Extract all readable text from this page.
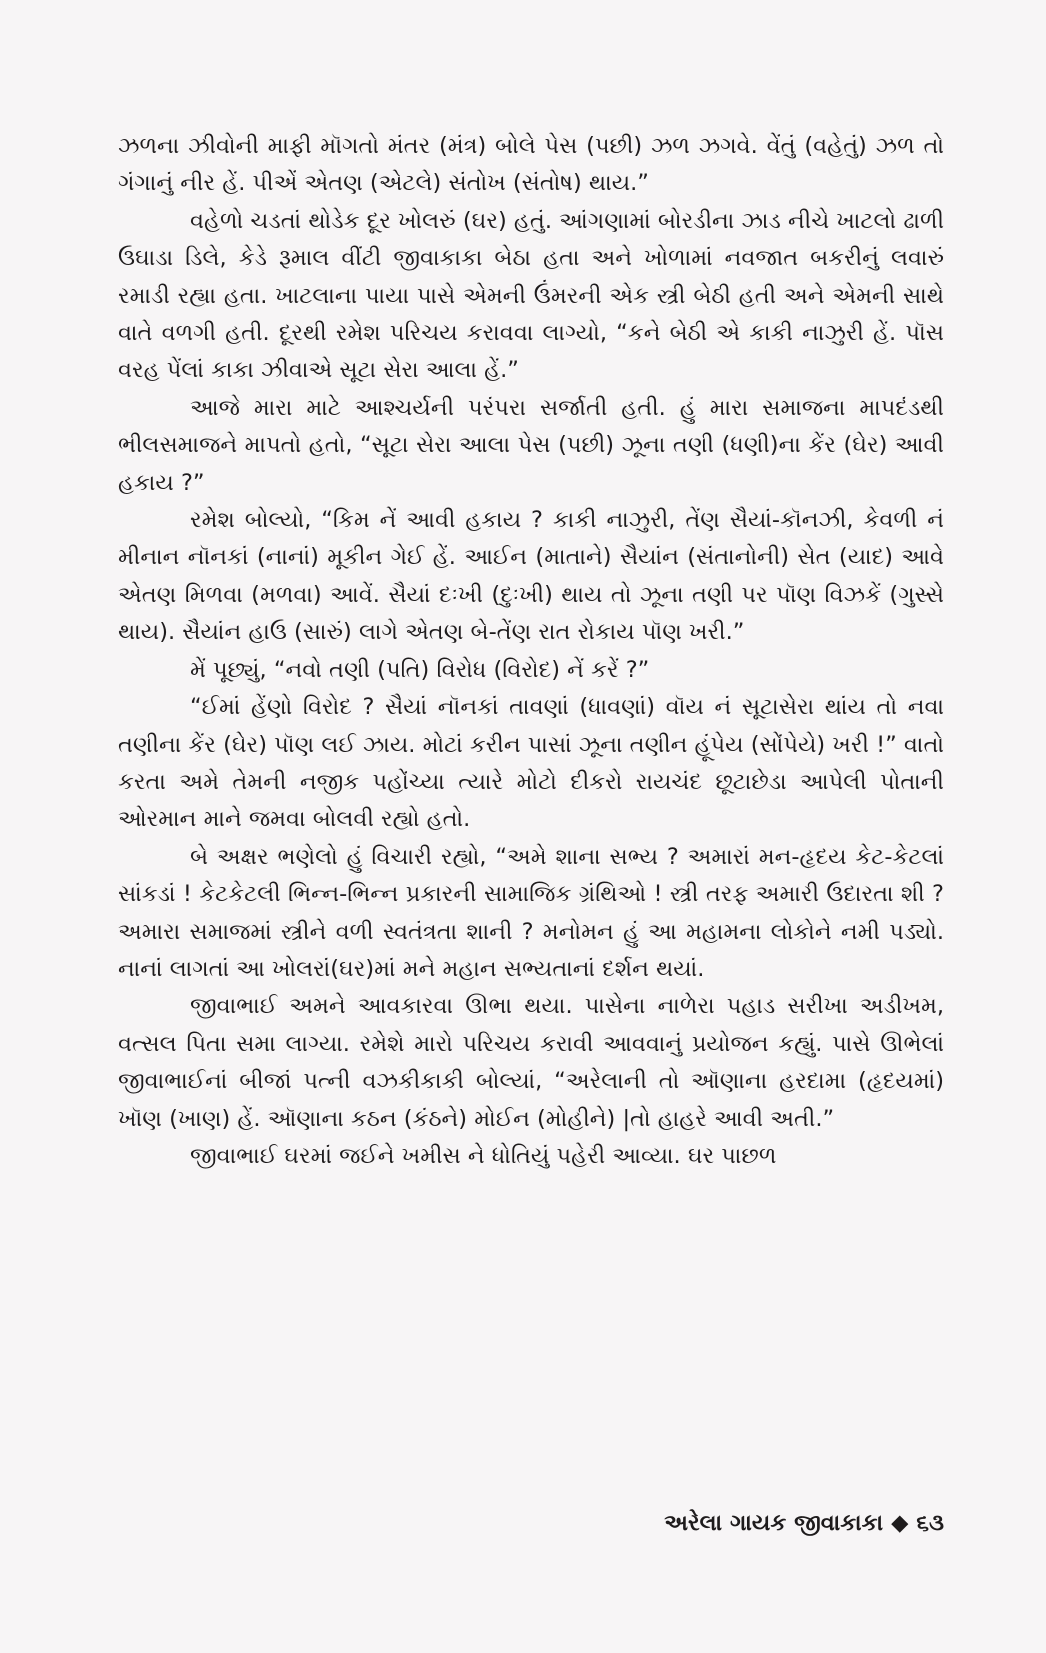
ઝળના ઝીવોની માફી મૉગતો મંતર (મંત્ર) બોલે પેસ (પછી) ઝળ ઝગવે. વેંતું (વહેતું) ઝળ તો ગંગાનું નીર હેં. પીએં એતણ (એટલે) સંતોખ (સંતોષ) થાય.”

વહેળો ચડતાં થોડેક દૂર ખોલરું (ઘર) હતું. આંગણામાં બોરડીના ઝાડ નીચે ખાટલો ઢાળી ઉઘાડા ડિલે, કેડે રૂમાલ વીંટી જીવાકાકા બેઠા હતા અને ખોળામાં નવજાત બકરીનું લવારું રમાડી રહ્યા હતા. ખાટલાના પાયા પાસે એમની ઉંમરની એક સ્ત્રી બેઠી હતી અને એમની સાથે વાતે વળગી હતી. દૂરથી રમેશ પરિચય કરાવવા લાગ્યો, “કને બેઠી એ કાકી નાઝુરી હેં. પૉસ વરહ પેંલાં કાકા ઝીવાએ સૂટા સેરા આલા હેં.”

આજે મારા માટે આશ્ચર્યની પરંપરા સર્જાતી હતી. હું મારા સમાજના માપદંડથી ભીલસમાજને માપતો હતો, “સૂટા સેરા આલા પેસ (પછી) ઝૂના તણી (ધણી)ના કેંર (ઘેર) આવી હકાય ?”

રમેશ બોલ્યો, “કિમ નેં આવી હકાય ? કાકી નાઝુરી, તેંણ સૈયાં-કૉનઝી, કેવળી નં મીનાન નૉનકાં (નાનાં) મૂકીન ગેઈ હેં. આઈન (માતાને) સૈયાંન (સંતાનોની) સેત (યાદ) આવે એતણ મિળવા (મળવા) આવેં. સૈયાં દઃખી (દુઃખી) થાય તો ઝૂના તણી પર પૉણ વિઝકેં (ગુસ્સે થાય). સૈયાંન હાઉ (સારું) લાગે એતણ બે-તેંણ રાત રોકાય પૉણ ખરી.”

મેં પૂછ્યું, “નવો તણી (પતિ) વિરોધ (વિરોદ) નેં કરેં ?”

“ઈમાં હેંણો વિરોદ ? સૈયાં નૉનકાં તાવણાં (ધાવણાં) વૉય નં સૂટાસેરા થાંય તો નવા તણીના કેંર (ઘેર) પૉણ લઈ ઝાય. મોટાં કરીન પાસાં ઝૂના તણીન હૂંપેય (સોંપેયે) ખરી !” વાતો કરતા અમે તેમની નજીક પહોંચ્યા ત્યારે મોટો દીકરો રાયચંદ છૂટાછેડા આપેલી પોતાની ઓરમાન માને જમવા બોલવી રહ્યો હતો.

બે અક્ષર ભણેલો હું વિચારી રહ્યો, “અમે શાના સભ્ય ? અમારાં મન-હૃદય કેટ-કેટલાં સાંકડાં ! કેટકેટલી ભિન્ન-ભિન્ન પ્રકારની સામાજિક ગ્રંથિઓ ! સ્ત્રી તરફ અમારી ઉદારતા શી ? અમારા સમાજમાં સ્ત્રીને વળી સ્વતંત્રતા શાની ? મનોમન હું આ મહામના લોકોને નમી પડ્યો. નાનાં લાગતાં આ ખોલરાં(ઘર)માં મને મહાન સભ્યતાનાં દર્શન થયાં.

જીવાભાઈ અમને આવકારવા ઊભા થયા. પાસેના નાળેરા પહાડ સરીખા અડીખમ, વત્સલ પિતા સમા લાગ્યા. રમેશે મારો પરિચય કરાવી આવવાનું પ્રયોજન કહ્યું. પાસે ઊભેલાં જીવાભાઈનાં બીજાં પત્ની વઝકીકાકી બોલ્યાં, “અરેલાની તો ઑણાના હરદામા (હૃદયમાં) ખૉણ (ખાણ) હેં. ઑણાના કઠન (કંઠને) મોઈન (મોહીને) |તો હાહરે આવી અતી.”

જીવાભાઈ ઘરમાં જઈને ખમીસ ને ધોતિયું પહેરી આવ્યા. ઘર પાછળ

અરેલા ગાયક જીવાકાકા ◆ ૬૩
